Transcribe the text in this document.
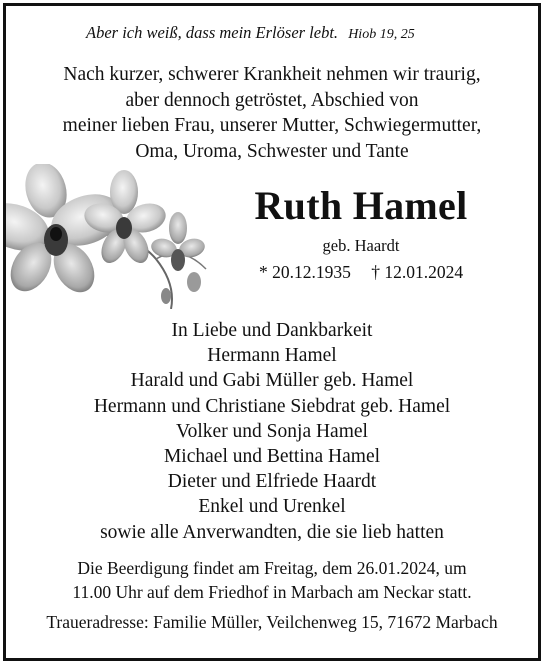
Aber ich weiß, dass mein Erlöser lebt. Hiob 19, 25
Nach kurzer, schwerer Krankheit nehmen wir traurig,
aber dennoch getröstet, Abschied von
meiner lieben Frau, unserer Mutter, Schwiegermutter,
Oma, Uroma, Schwester und Tante
Ruth Hamel
geb. Haardt
* 20.12.1935 † 12.01.2024
In Liebe und Dankbarkeit
Hermann Hamel
Harald und Gabi Müller geb. Hamel
Hermann und Christiane Siebdrat geb. Hamel
Volker und Sonja Hamel
Michael und Bettina Hamel
Dieter und Elfriede Haardt
Enkel und Urenkel
sowie alle Anverwandten, die sie lieb hatten
Die Beerdigung findet am Freitag, dem 26.01.2024, um
11.00 Uhr auf dem Friedhof in Marbach am Neckar statt.
Traueradresse: Familie Müller, Veilchenweg 15, 71672 Marbach
